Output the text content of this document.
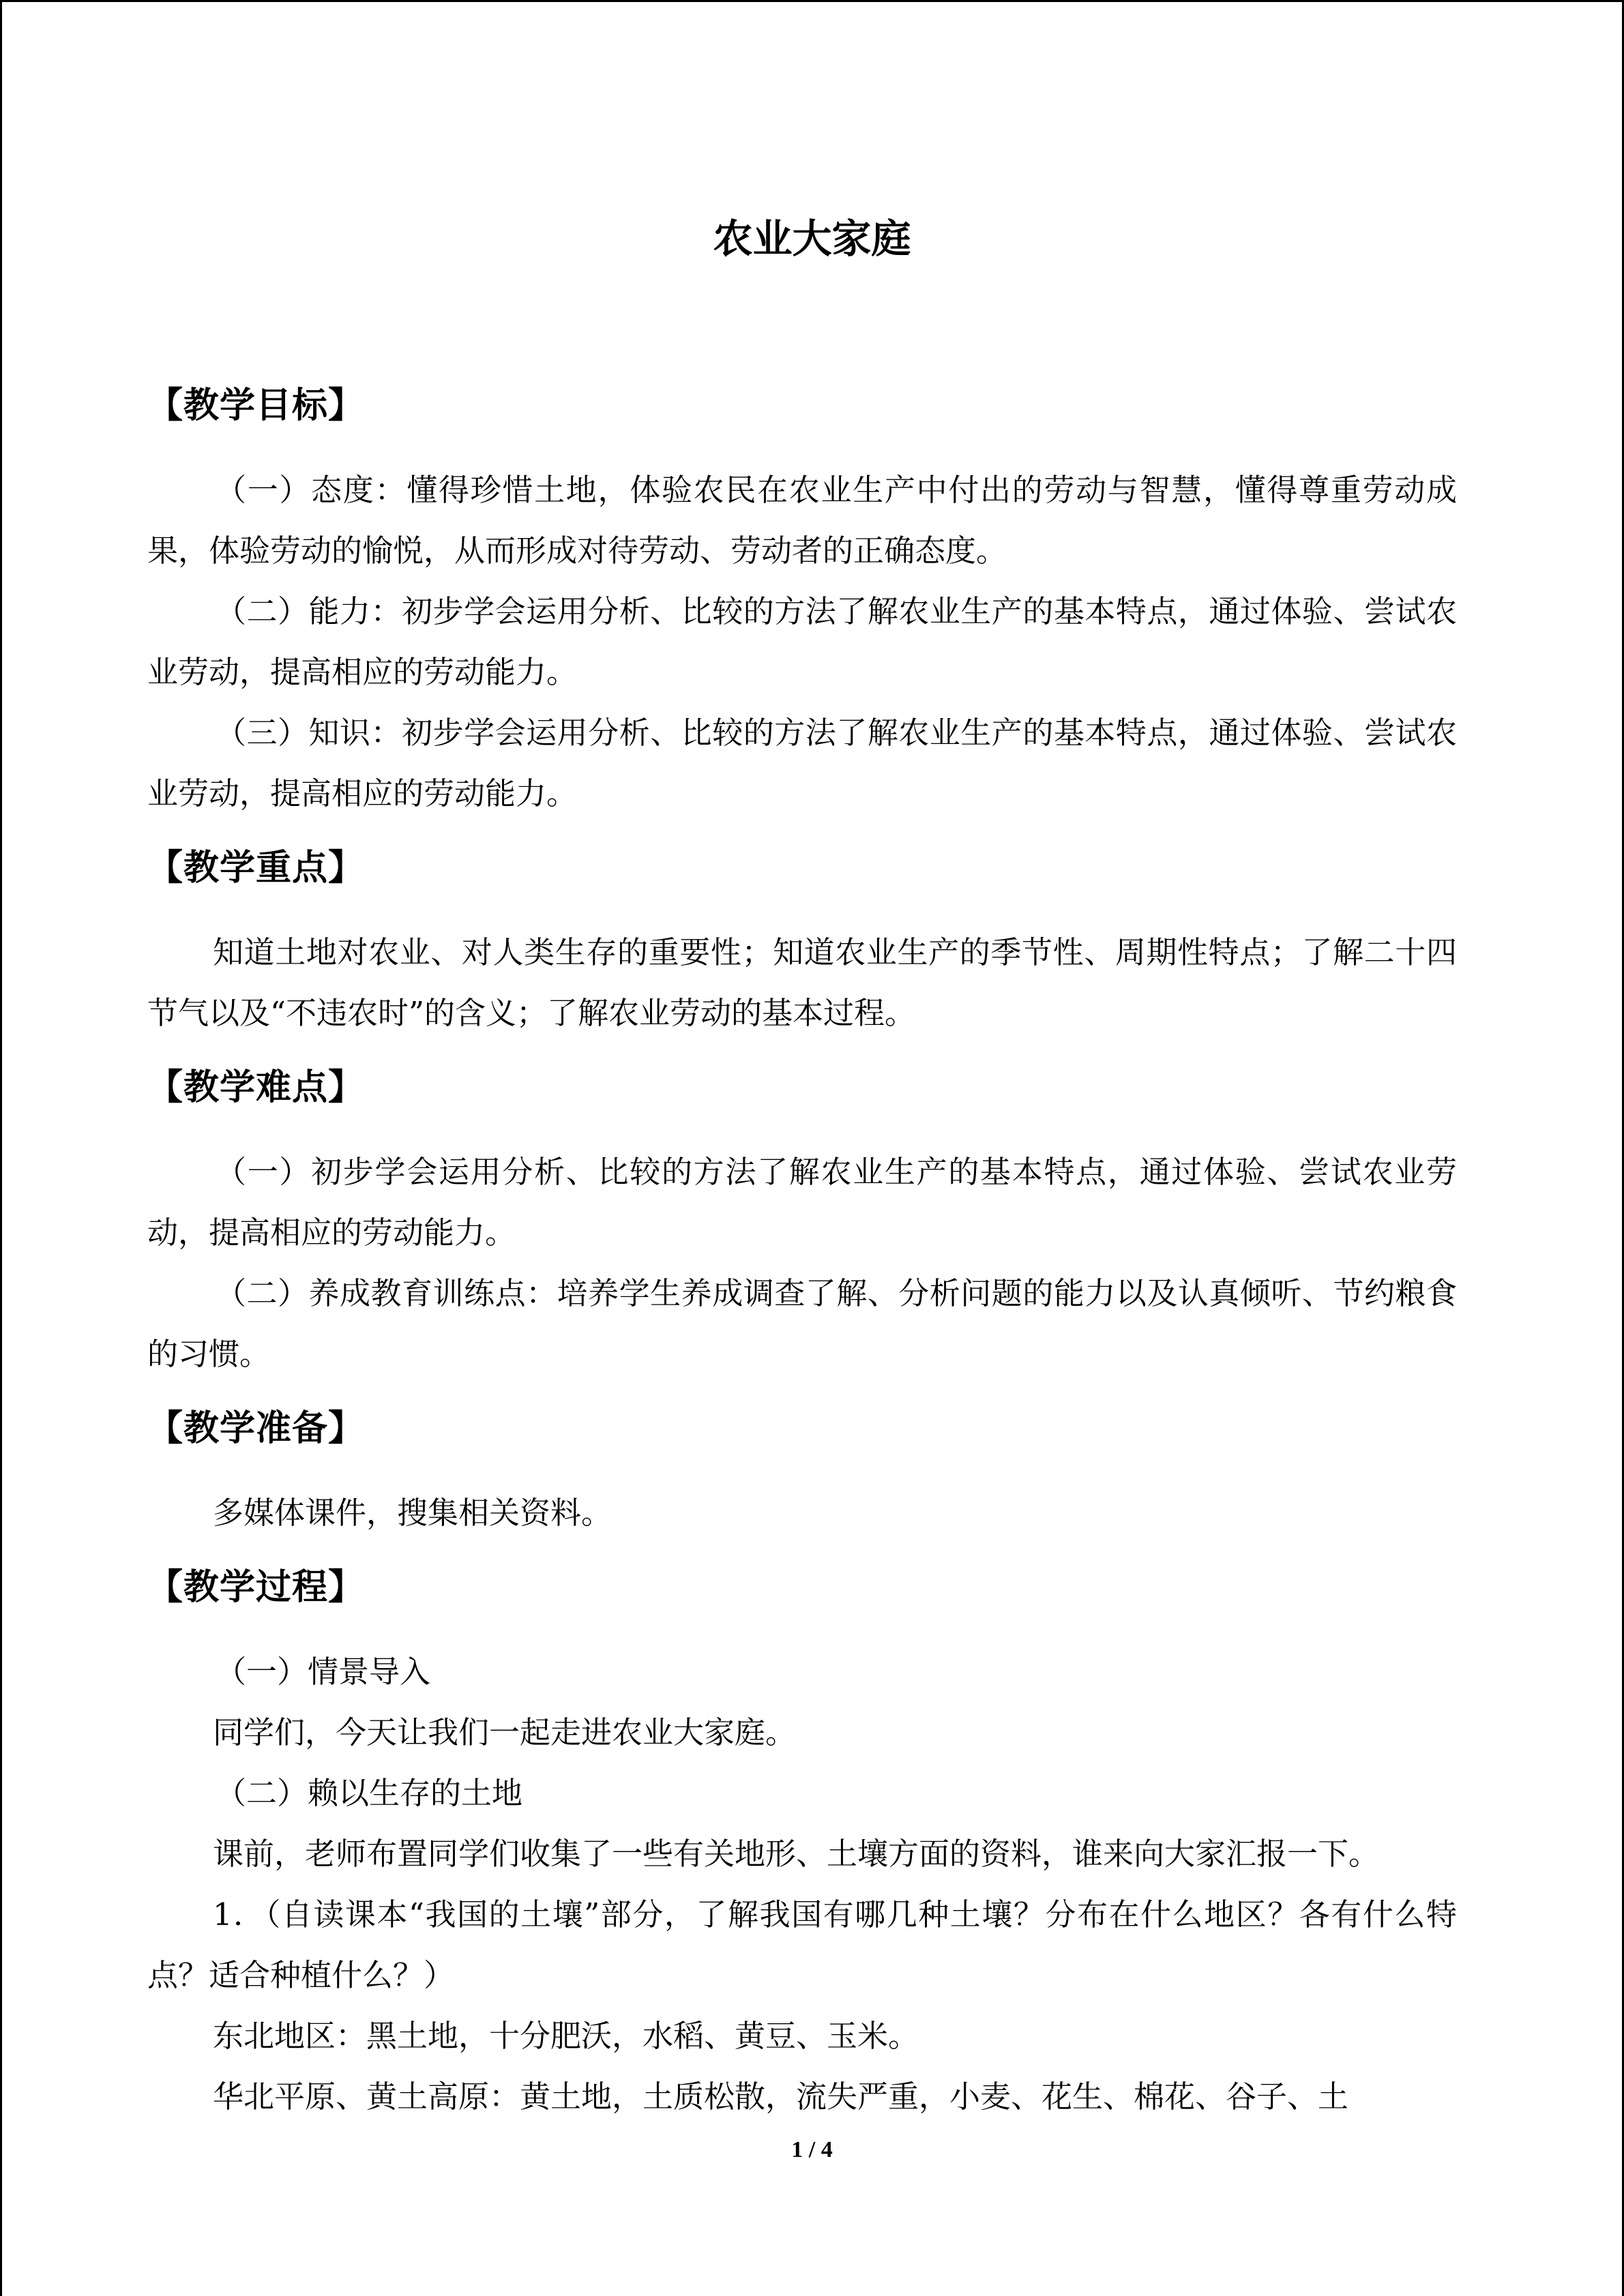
农业大家庭
【教学目标】

（一）态度：懂得珍惜土地，体验农民在农业生产中付出的劳动与智慧，懂得尊重劳动成果，体验劳动的愉悦，从而形成对待劳动、劳动者的正确态度。

（二）能力：初步学会运用分析、比较的方法了解农业生产的基本特点，通过体验、尝试农业劳动，提高相应的劳动能力。

（三）知识：初步学会运用分析、比较的方法了解农业生产的基本特点，通过体验、尝试农业劳动，提高相应的劳动能力。

【教学重点】

知道土地对农业、对人类生存的重要性；知道农业生产的季节性、周期性特点；了解二十四节气以及“不违农时”的含义；了解农业劳动的基本过程。

【教学难点】

（一）初步学会运用分析、比较的方法了解农业生产的基本特点，通过体验、尝试农业劳动，提高相应的劳动能力。

（二）养成教育训练点：培养学生养成调查了解、分析问题的能力以及认真倾听、节约粮食的习惯。

【教学准备】

多媒体课件，搜集相关资料。

【教学过程】

（一）情景导入

同学们，今天让我们一起走进农业大家庭。

（二）赖以生存的土地

课前，老师布置同学们收集了一些有关地形、土壤方面的资料，谁来向大家汇报一下。

1．（自读课本“我国的土壤”部分，了解我国有哪几种土壤？分布在什么地区？各有什么特点？适合种植什么？）

东北地区：黑土地，十分肥沃，水稻、黄豆、玉米。

华北平原、黄土高原：黄土地，土质松散，流失严重，小麦、花生、棉花、谷子、土

1 / 4
